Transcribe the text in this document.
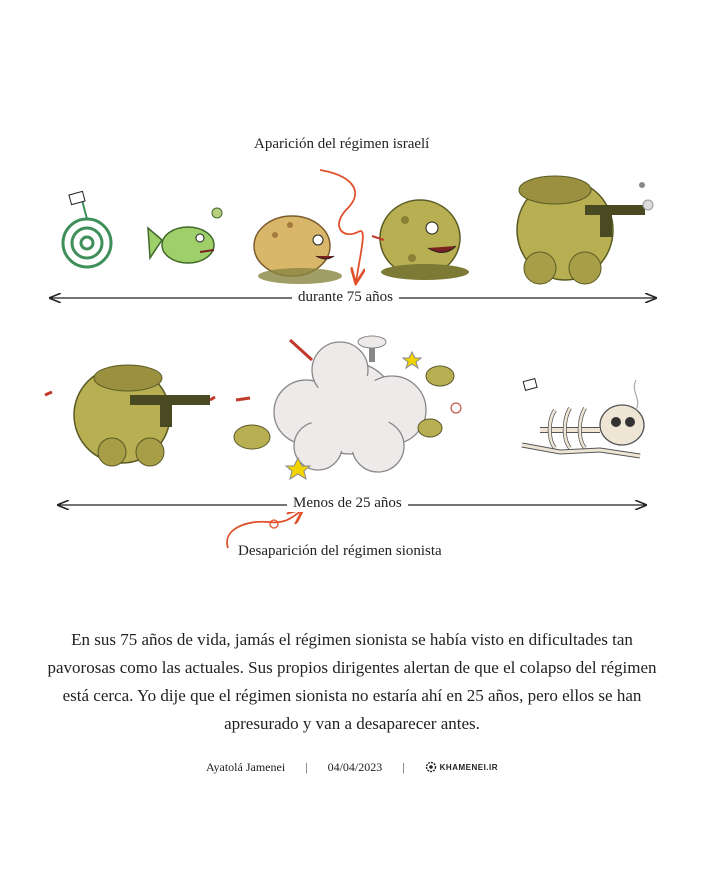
Aparición del régimen israelí
durante 75 años
Menos de 25 años
Desaparición del régimen sionista
En sus 75 años de vida, jamás el régimen sionista se había visto en dificultades tan pavorosas como las actuales. Sus propios dirigentes alertan de que el colapso del régimen está cerca. Yo dije que el régimen sionista no estaría ahí en 25 años, pero ellos se han apresurado y van a desaparecer antes.
Ayatolá Jamenei | 04/04/2023 |	KHAMENEI.IR
